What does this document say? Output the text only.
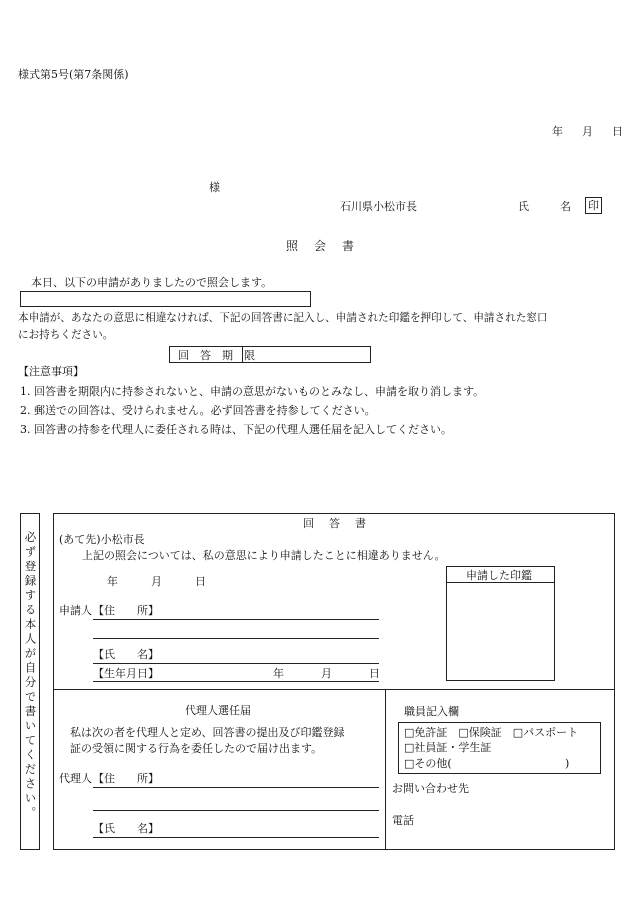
様式第5号(第7条関係)
年　月　日
様
石川県小松市長	氏　　名 印
照　会　書
本日、以下の申請がありましたので照会します。
本申請が、あなたの意思に相違なければ、下記の回答書に記入し、申請された印鑑を押印して、申請された窓口
にお持ちください。
回　答　期　限
【注意事項】
1. 回答書を期限内に持参されないと、申請の意思がないものとみなし、申請を取り消します。
2. 郵送での回答は、受けられません。必ず回答書を持参してください。
3. 回答書の持参を代理人に委任される時は、下記の代理人選任届を記入してください。
必ず登録する本人が自分で書いてください。
回　答　書
(あて先)小松市長
上記の照会については、私の意思により申請したことに相違ありません。
年　　　月　　　日
申請人 【住　　所】
【氏　　名】
【生年月日】	年	月	日
申請した印鑑
代理人選任届
私は次の者を代理人と定め、回答書の提出及び印鑑登録
証の受領に関する行為を委任したので届け出ます。
代理人 【住　　所】
【氏　　名】
職員記入欄
□免許証　□保険証　□パスポート
□社員証・学生証
□その他(	)
お問い合わせ先
電話
